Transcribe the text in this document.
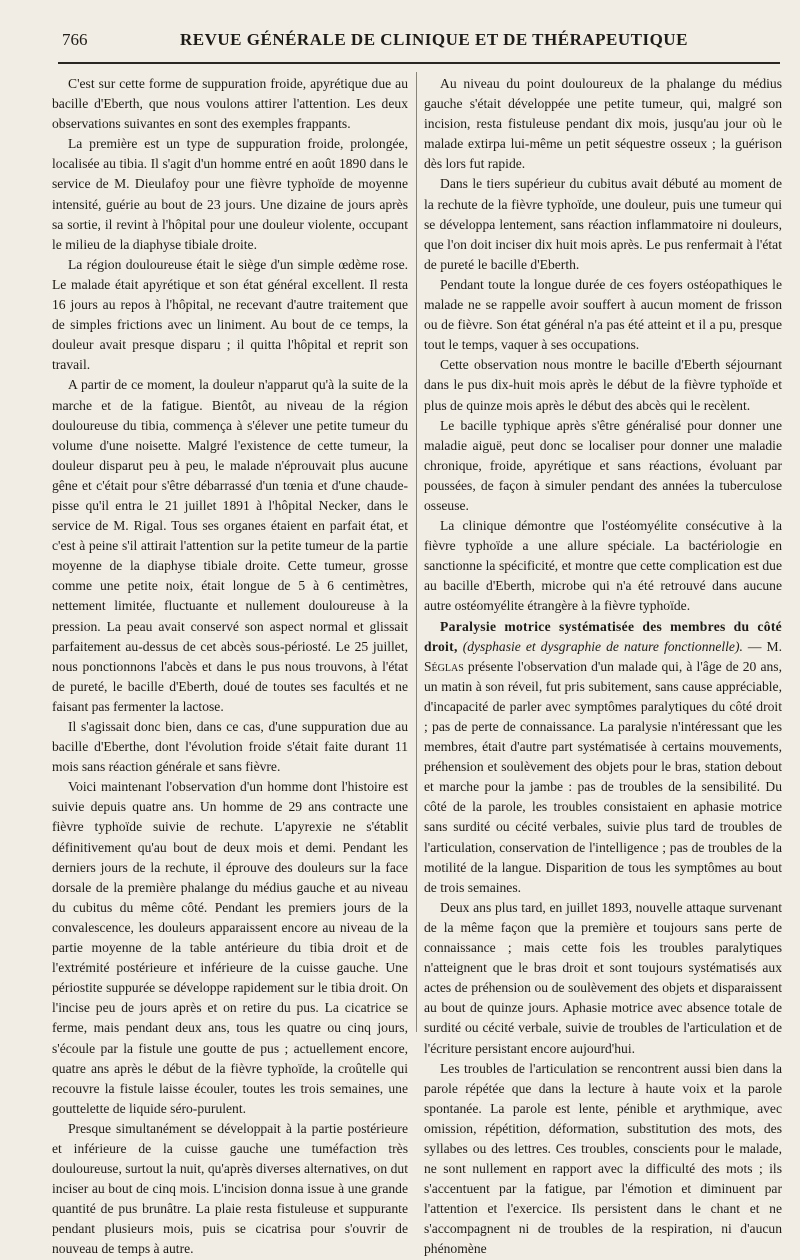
766	REVUE GÉNÉRALE DE CLINIQUE ET DE THÉRAPEUTIQUE

C'est sur cette forme de suppuration froide, apyrétique due au bacille d'Eberth, que nous voulons attirer l'attention. Les deux observations suivantes en sont des exemples frappants.

La première est un type de suppuration froide, prolongée, localisée au tibia. Il s'agit d'un homme entré en août 1890 dans le service de M. Dieulafoy pour une fièvre typhoïde de moyenne intensité, guérie au bout de 23 jours. Une dizaine de jours après sa sortie, il revint à l'hôpital pour une douleur violente, occupant le milieu de la diaphyse tibiale droite.

La région douloureuse était le siège d'un simple œdème rose. Le malade était apyrétique et son état général excellent. Il resta 16 jours au repos à l'hôpital, ne recevant d'autre traitement que de simples frictions avec un liniment. Au bout de ce temps, la douleur avait presque disparu ; il quitta l'hôpital et reprit son travail.

A partir de ce moment, la douleur n'apparut qu'à la suite de la marche et de la fatigue. Bientôt, au niveau de la région douloureuse du tibia, commença à s'élever une petite tumeur du volume d'une noisette. Malgré l'existence de cette tumeur, la douleur disparut peu à peu, le malade n'éprouvait plus aucune gêne et c'était pour s'être débarrassé d'un tœnia et d'une chaude-pisse qu'il entra le 21 juillet 1891 à l'hôpital Necker, dans le service de M. Rigal. Tous ses organes étaient en parfait état, et c'est à peine s'il attirait l'attention sur la petite tumeur de la partie moyenne de la diaphyse tibiale droite. Cette tumeur, grosse comme une petite noix, était longue de 5 à 6 centimètres, nettement limitée, fluctuante et nullement douloureuse à la pression. La peau avait conservé son aspect normal et glissait parfaitement au-dessus de cet abcès sous-périosté. Le 25 juillet, nous ponctionnons l'abcès et dans le pus nous trouvons, à l'état de pureté, le bacille d'Eberth, doué de toutes ses facultés et ne faisant pas fermenter la lactose.

Il s'agissait donc bien, dans ce cas, d'une suppuration due au bacille d'Eberthe, dont l'évolution froide s'était faite durant 11 mois sans réaction générale et sans fièvre.

Voici maintenant l'observation d'un homme dont l'histoire est suivie depuis quatre ans. Un homme de 29 ans contracte une fièvre typhoïde suivie de rechute. L'apyrexie ne s'établit définitivement qu'au bout de deux mois et demi. Pendant les derniers jours de la rechute, il éprouve des douleurs sur la face dorsale de la première phalange du médius gauche et au niveau du cubitus du même côté. Pendant les premiers jours de la convalescence, les douleurs apparaissent encore au niveau de la partie moyenne de la table antérieure du tibia droit et de l'extrémité postérieure et inférieure de la cuisse gauche. Une périostite suppurée se développe rapidement sur le tibia droit. On l'incise peu de jours après et on retire du pus. La cicatrice se ferme, mais pendant deux ans, tous les quatre ou cinq jours, s'écoule par la fistule une goutte de pus ; actuellement encore, quatre ans après le début de la fièvre typhoïde, la croûtelle qui recouvre la fistule laisse écouler, toutes les trois semaines, une gouttelette de liquide séro-purulent.

Presque simultanément se développait à la partie postérieure et inférieure de la cuisse gauche une tuméfaction très douloureuse, surtout la nuit, qu'après diverses alternatives, on dut inciser au bout de cinq mois. L'incision donna issue à une grande quantité de pus brunâtre. La plaie resta fistuleuse et suppurante pendant plusieurs mois, puis se cicatrisa pour s'ouvrir de nouveau de temps à autre.

Au niveau du point douloureux de la phalange du médius gauche s'était développée une petite tumeur, qui, malgré son incision, resta fistuleuse pendant dix mois, jusqu'au jour où le malade extirpa lui-même un petit séquestre osseux ; la guérison dès lors fut rapide.

Dans le tiers supérieur du cubitus avait débuté au moment de la rechute de la fièvre typhoïde, une douleur, puis une tumeur qui se développa lentement, sans réaction inflammatoire ni douleurs, que l'on doit inciser dix huit mois après. Le pus renfermait à l'état de pureté le bacille d'Eberth.

Pendant toute la longue durée de ces foyers ostéopathiques le malade ne se rappelle avoir souffert à aucun moment de frisson ou de fièvre. Son état général n'a pas été atteint et il a pu, presque tout le temps, vaquer à ses occupations.

Cette observation nous montre le bacille d'Eberth séjournant dans le pus dix-huit mois après le début de la fièvre typhoïde et plus de quinze mois après le début des abcès qui le recèlent.

Le bacille typhique après s'être généralisé pour donner une maladie aiguë, peut donc se localiser pour donner une maladie chronique, froide, apyrétique et sans réactions, évoluant par poussées, de façon à simuler pendant des années la tuberculose osseuse.

La clinique démontre que l'ostéomyélite consécutive à la fièvre typhoïde a une allure spéciale. La bactériologie en sanctionne la spécificité, et montre que cette complication est due au bacille d'Eberth, microbe qui n'a été retrouvé dans aucune autre ostéomyélite étrangère à la fièvre typhoïde.

Paralysie motrice systématisée des membres du côté droit, (dysphasie et dysgraphie de nature fonctionnelle). — M. Séglas présente l'observation d'un malade qui, à l'âge de 20 ans, un matin à son réveil, fut pris subitement, sans cause appréciable, d'incapacité de parler avec symptômes paralytiques du côté droit ; pas de perte de connaissance. La paralysie n'intéressant que les membres, était d'autre part systématisée à certains mouvements, préhension et soulèvement des objets pour le bras, station debout et marche pour la jambe : pas de troubles de la sensibilité. Du côté de la parole, les troubles consistaient en aphasie motrice sans surdité ou cécité verbales, suivie plus tard de troubles de l'articulation, conservation de l'intelligence ; pas de troubles de la motilité de la langue. Disparition de tous les symptômes au bout de trois semaines.

Deux ans plus tard, en juillet 1893, nouvelle attaque survenant de la même façon que la première et toujours sans perte de connaissance ; mais cette fois les troubles paralytiques n'atteignent que le bras droit et sont toujours systématisés aux actes de préhension ou de soulèvement des objets et disparaissent au bout de quinze jours. Aphasie motrice avec absence totale de surdité ou cécité verbale, suivie de troubles de l'articulation et de l'écriture persistant encore aujourd'hui.

Les troubles de l'articulation se rencontrent aussi bien dans la parole répétée que dans la lecture à haute voix et la parole spontanée. La parole est lente, pénible et arythmique, avec omission, répétition, déformation, substitution des mots, des syllabes ou des lettres. Ces troubles, conscients pour le malade, ne sont nullement en rapport avec la difficulté des mots ; ils s'accentuent par la fatigue, par l'émotion et diminuent par l'attention et l'exercice. Ils persistent dans le chant et ne s'accompagnent ni de troubles de la respiration, ni d'aucun phénomène
